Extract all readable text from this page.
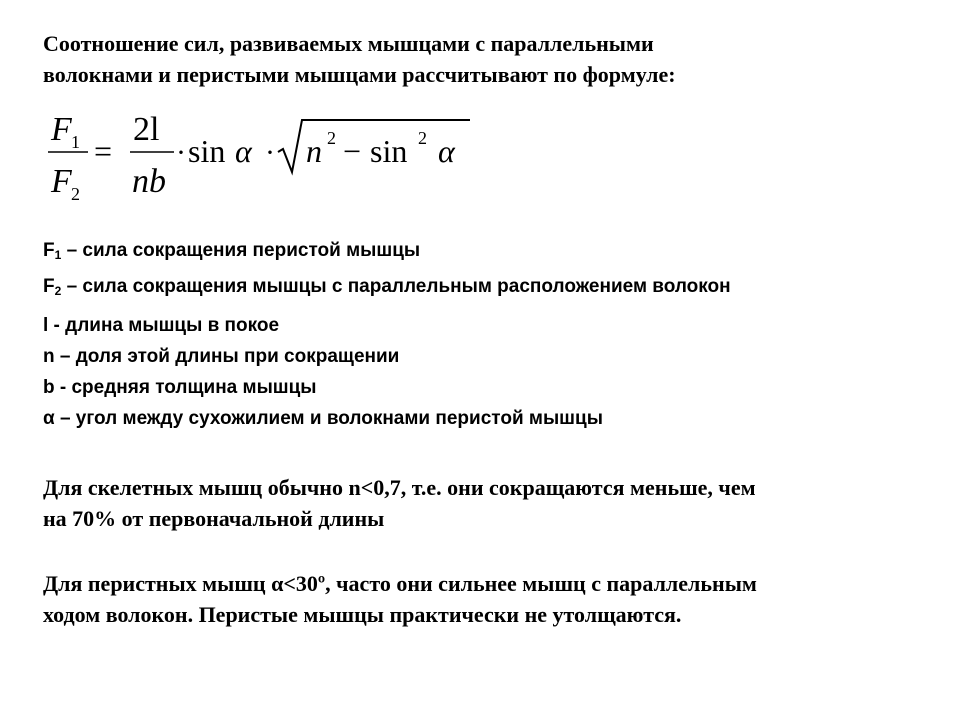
Соотношение сил, развиваемых мышцами с параллельными
волокнами и перистыми мышцами рассчитывают по формуле:
F 1
F 2
=
2l
nb
· sin α · n 2 − sin 2 α
$F_1$ – сила сокращения перистой мышцы
$F_2$ – сила сокращения мышцы с параллельным расположением волокон
l - длина мышцы в покое
n – доля этой длины при сокращении
b - средняя толщина мышцы
α – угол между сухожилием и волокнами перистой мышцы
Для скелетных мышц обычно n<0,7, т.е. они сокращаются меньше, чем
на 70% от первоначальной длины
Для перистных мышц α<30º, часто они сильнее мышц с параллельным
ходом волокон. Перистые мышцы практически не утолщаются.
